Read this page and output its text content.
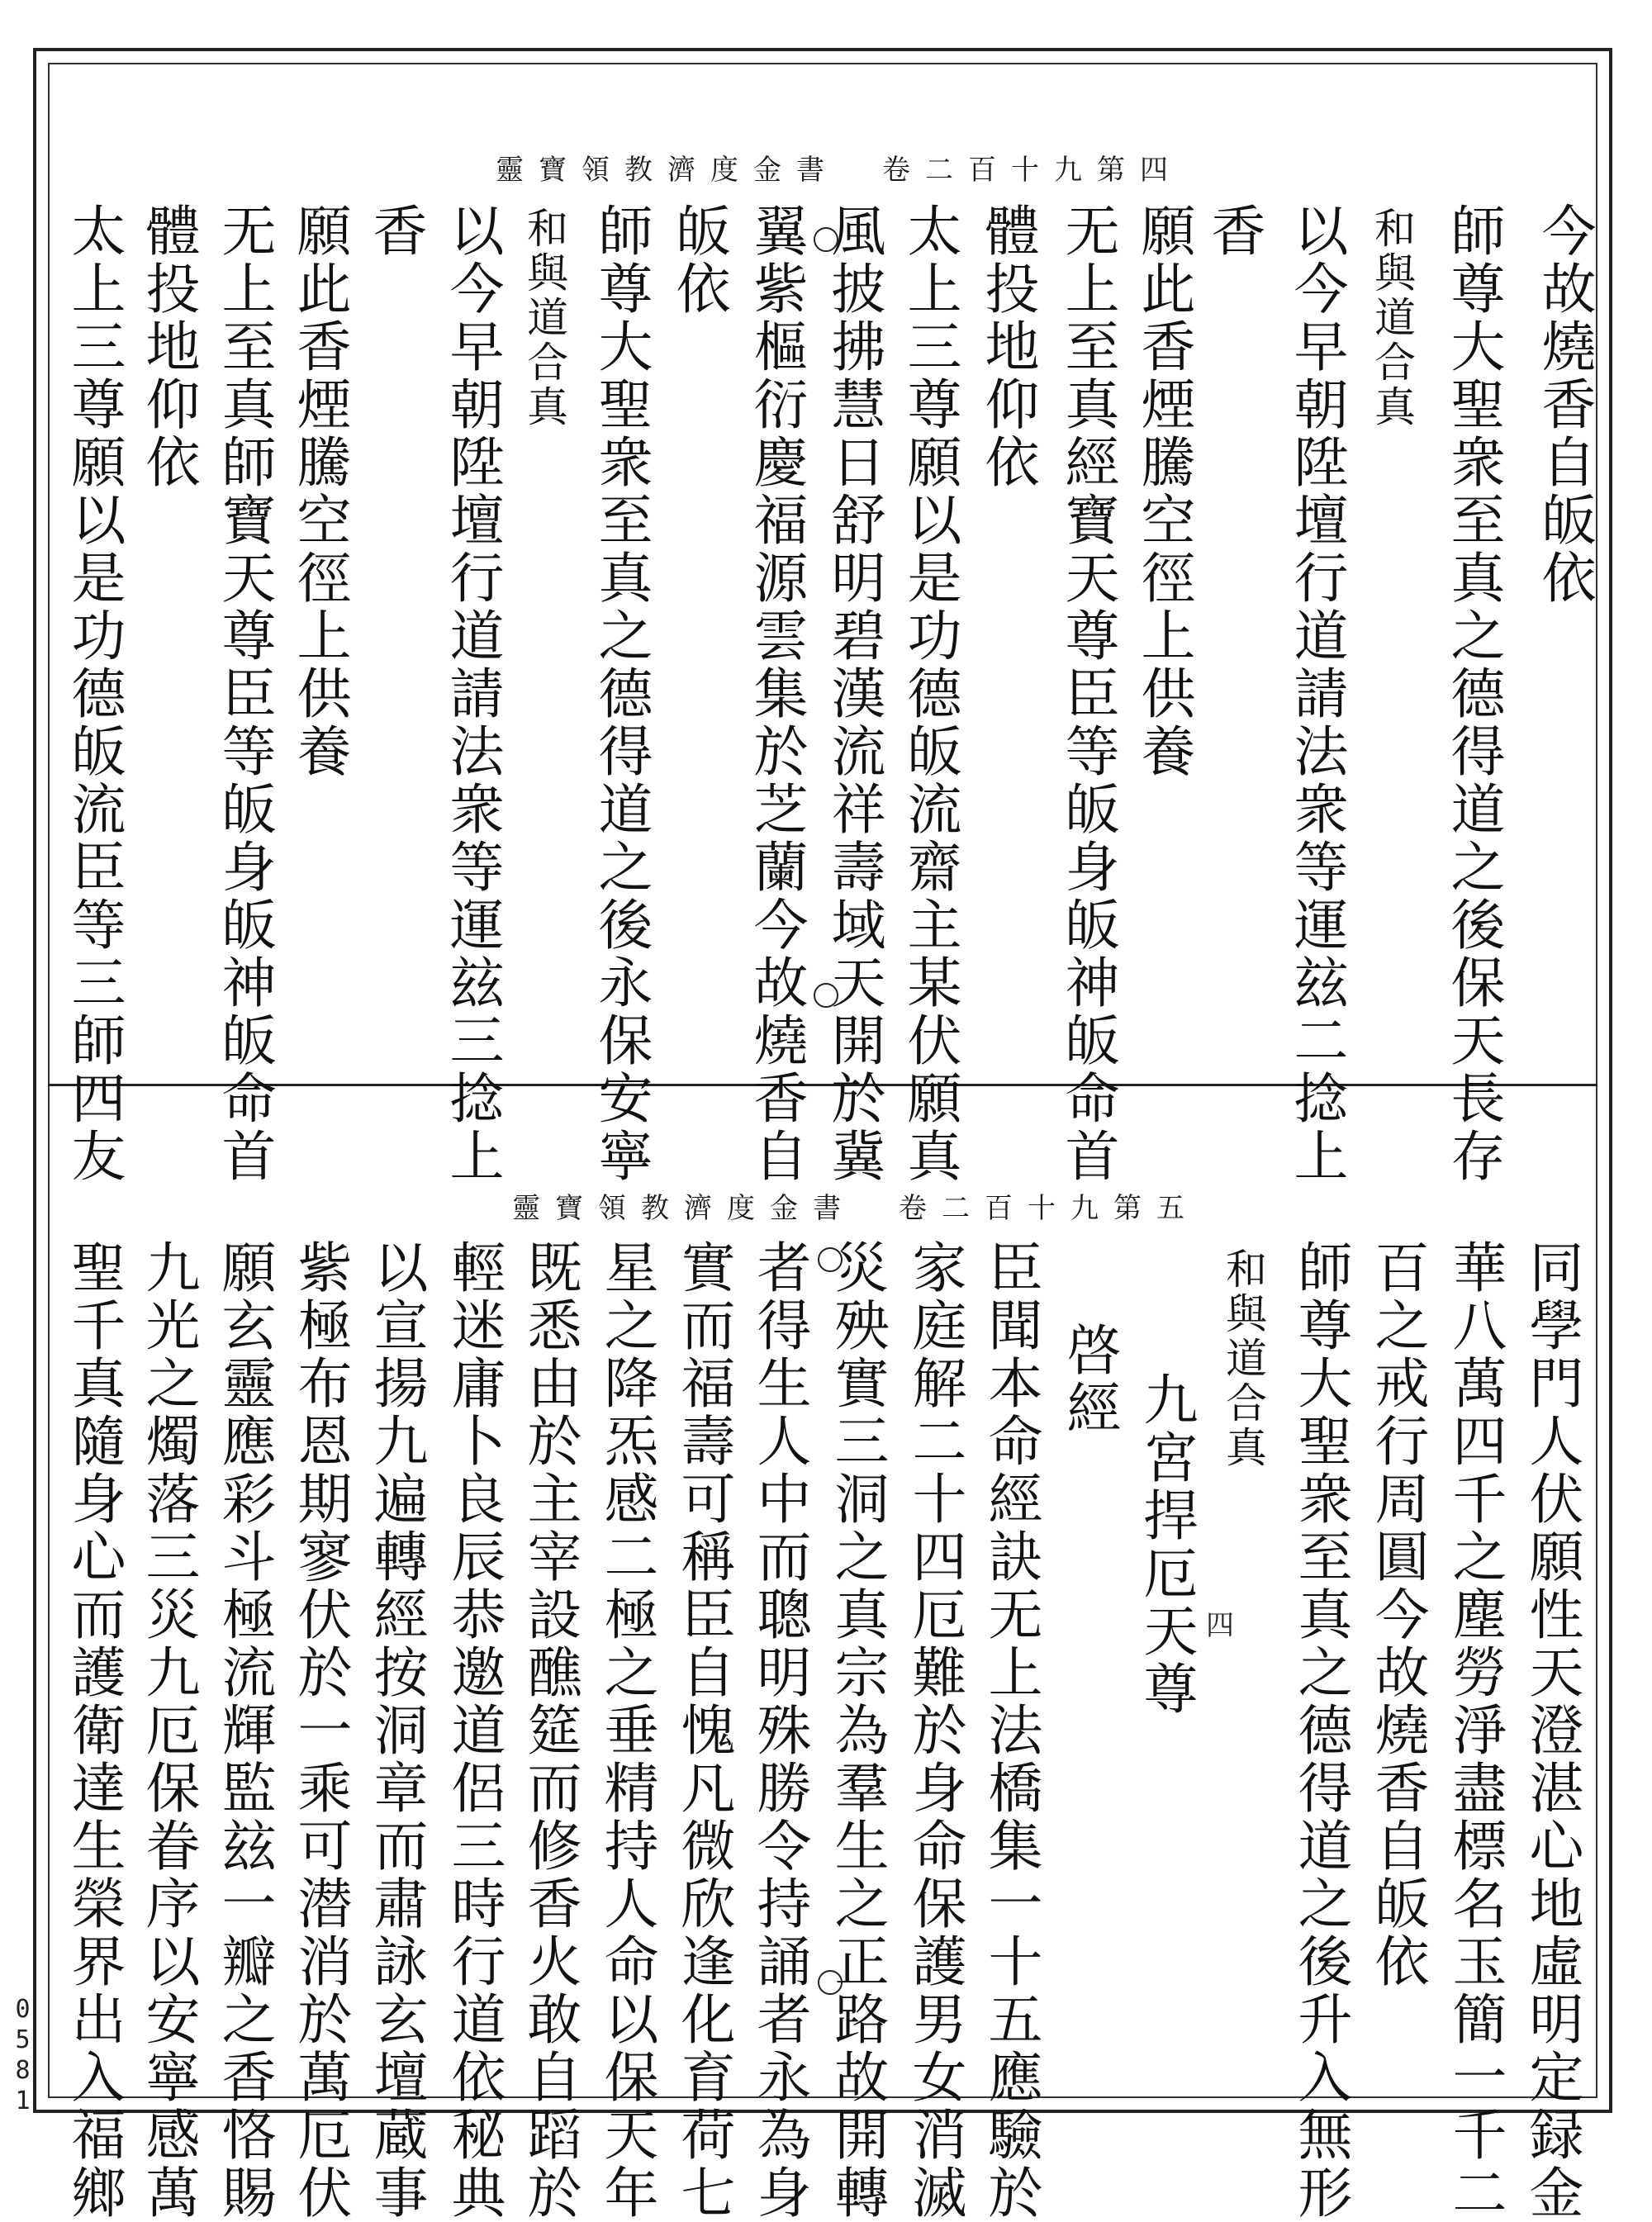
靈寶領教濟度金書　卷二百十九第四
今故燒香自皈依
師尊大聖衆至真之德得道之後保天長存
和與道合真
以今早朝陞壇行道請法衆等運玆二捻上
香
願此香煙騰空徑上供養
无上至真經寶天尊臣等皈身皈神皈命首
體投地仰依
太上三尊願以是功德皈流齋主某伏願真
風披拂慧日舒明碧漢流祥壽域天開於冀
翼紫樞衍慶福源雲集於芝蘭今故燒香自
皈依
師尊大聖衆至真之德得道之後永保安寧
和與道合真
以今早朝陞壇行道請法衆等運玆三捻上
香
願此香煙騰空徑上供養
无上至真師寶天尊臣等皈身皈神皈命首
體投地仰依
太上三尊願以是功德皈流臣等三師四友
靈寶領教濟度金書　卷二百十九第五
同學門人伏願性天澄湛心地虛明定録金
華八萬四千之塵勞淨盡標名玉簡一千二
百之戒行周圓今故燒香自皈依
師尊大聖衆至真之德得道之後升入無形
和與道合真
九宮捍厄天尊
啓經
臣聞本命經訣无上法橋集一十五應驗於
家庭解二十四厄難於身命保護男女消滅
災殃實三洞之真宗為羣生之正路故開轉
者得生人中而聰明殊勝令持誦者永為身
實而福壽可稱臣自愧凡微欣逢化育荷七
星之降炁感二極之垂精持人命以保天年
既悉由於主宰設醮筵而修香火敢自蹈於
輕迷庸卜良辰恭邀道侶三時行道依秘典
以宣揚九遍轉經按洞章而肅詠玄壇蔵事
紫極布恩期寥伏於一乘可潜消於萬厄伏
願玄靈應彩斗極流輝監玆一瓣之香恪賜
九光之燭落三災九厄保眷序以安寧感萬
聖千真隨身心而護衛達生榮界出入福鄉	四
0581
